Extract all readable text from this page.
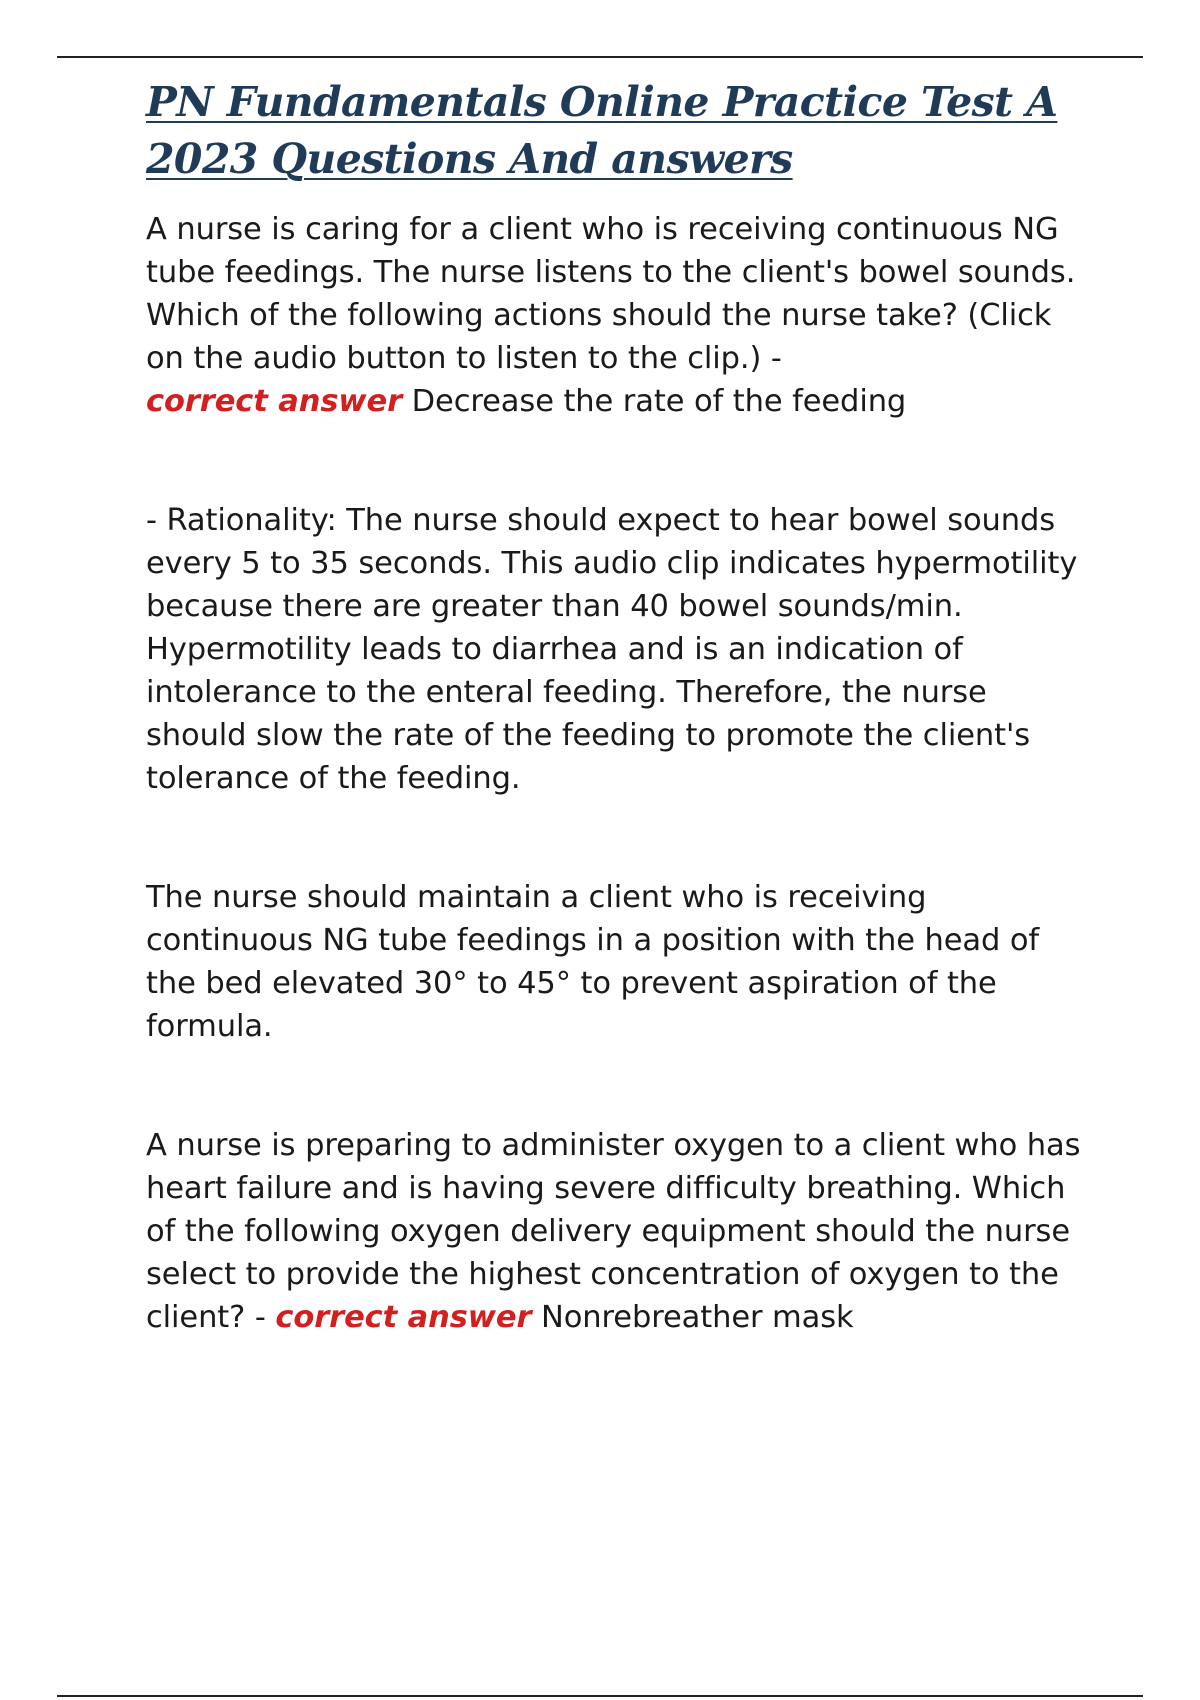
PN Fundamentals Online Practice Test A 2023 Questions And answers

A nurse is caring for a client who is receiving continuous NG tube feedings. The nurse listens to the client's bowel sounds. Which of the following actions should the nurse take? (Click on the audio button to listen to the clip.) -
correct answer Decrease the rate of the feeding

- Rationality: The nurse should expect to hear bowel sounds every 5 to 35 seconds. This audio clip indicates hypermotility because there are greater than 40 bowel sounds/min. Hypermotility leads to diarrhea and is an indication of intolerance to the enteral feeding. Therefore, the nurse should slow the rate of the feeding to promote the client's tolerance of the feeding.

The nurse should maintain a client who is receiving continuous NG tube feedings in a position with the head of the bed elevated 30° to 45° to prevent aspiration of the formula.

A nurse is preparing to administer oxygen to a client who has heart failure and is having severe difficulty breathing. Which of the following oxygen delivery equipment should the nurse select to provide the highest concentration of oxygen to the client? - correct answer Nonrebreather mask
